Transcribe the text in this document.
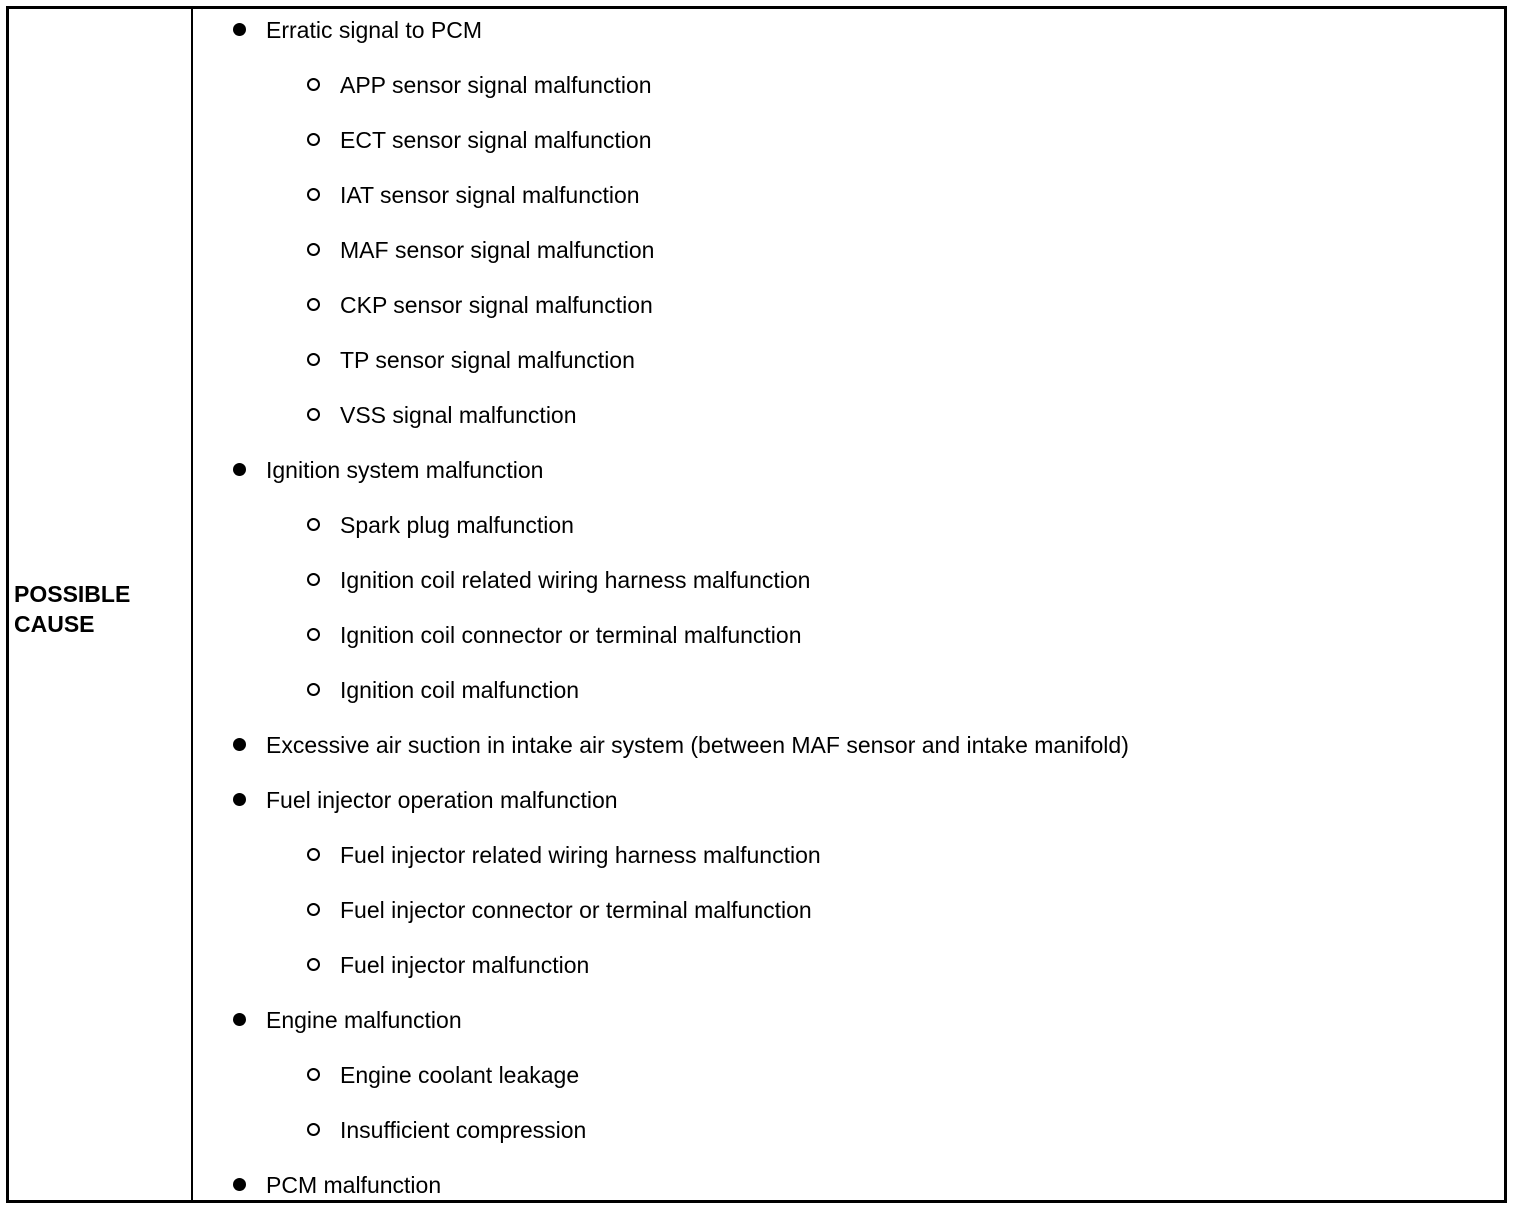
POSSIBLE
CAUSE
Erratic signal to PCM
APP sensor signal malfunction
ECT sensor signal malfunction
IAT sensor signal malfunction
MAF sensor signal malfunction
CKP sensor signal malfunction
TP sensor signal malfunction
VSS signal malfunction
Ignition system malfunction
Spark plug malfunction
Ignition coil related wiring harness malfunction
Ignition coil connector or terminal malfunction
Ignition coil malfunction
Excessive air suction in intake air system (between MAF sensor and intake manifold)
Fuel injector operation malfunction
Fuel injector related wiring harness malfunction
Fuel injector connector or terminal malfunction
Fuel injector malfunction
Engine malfunction
Engine coolant leakage
Insufficient compression
PCM malfunction
